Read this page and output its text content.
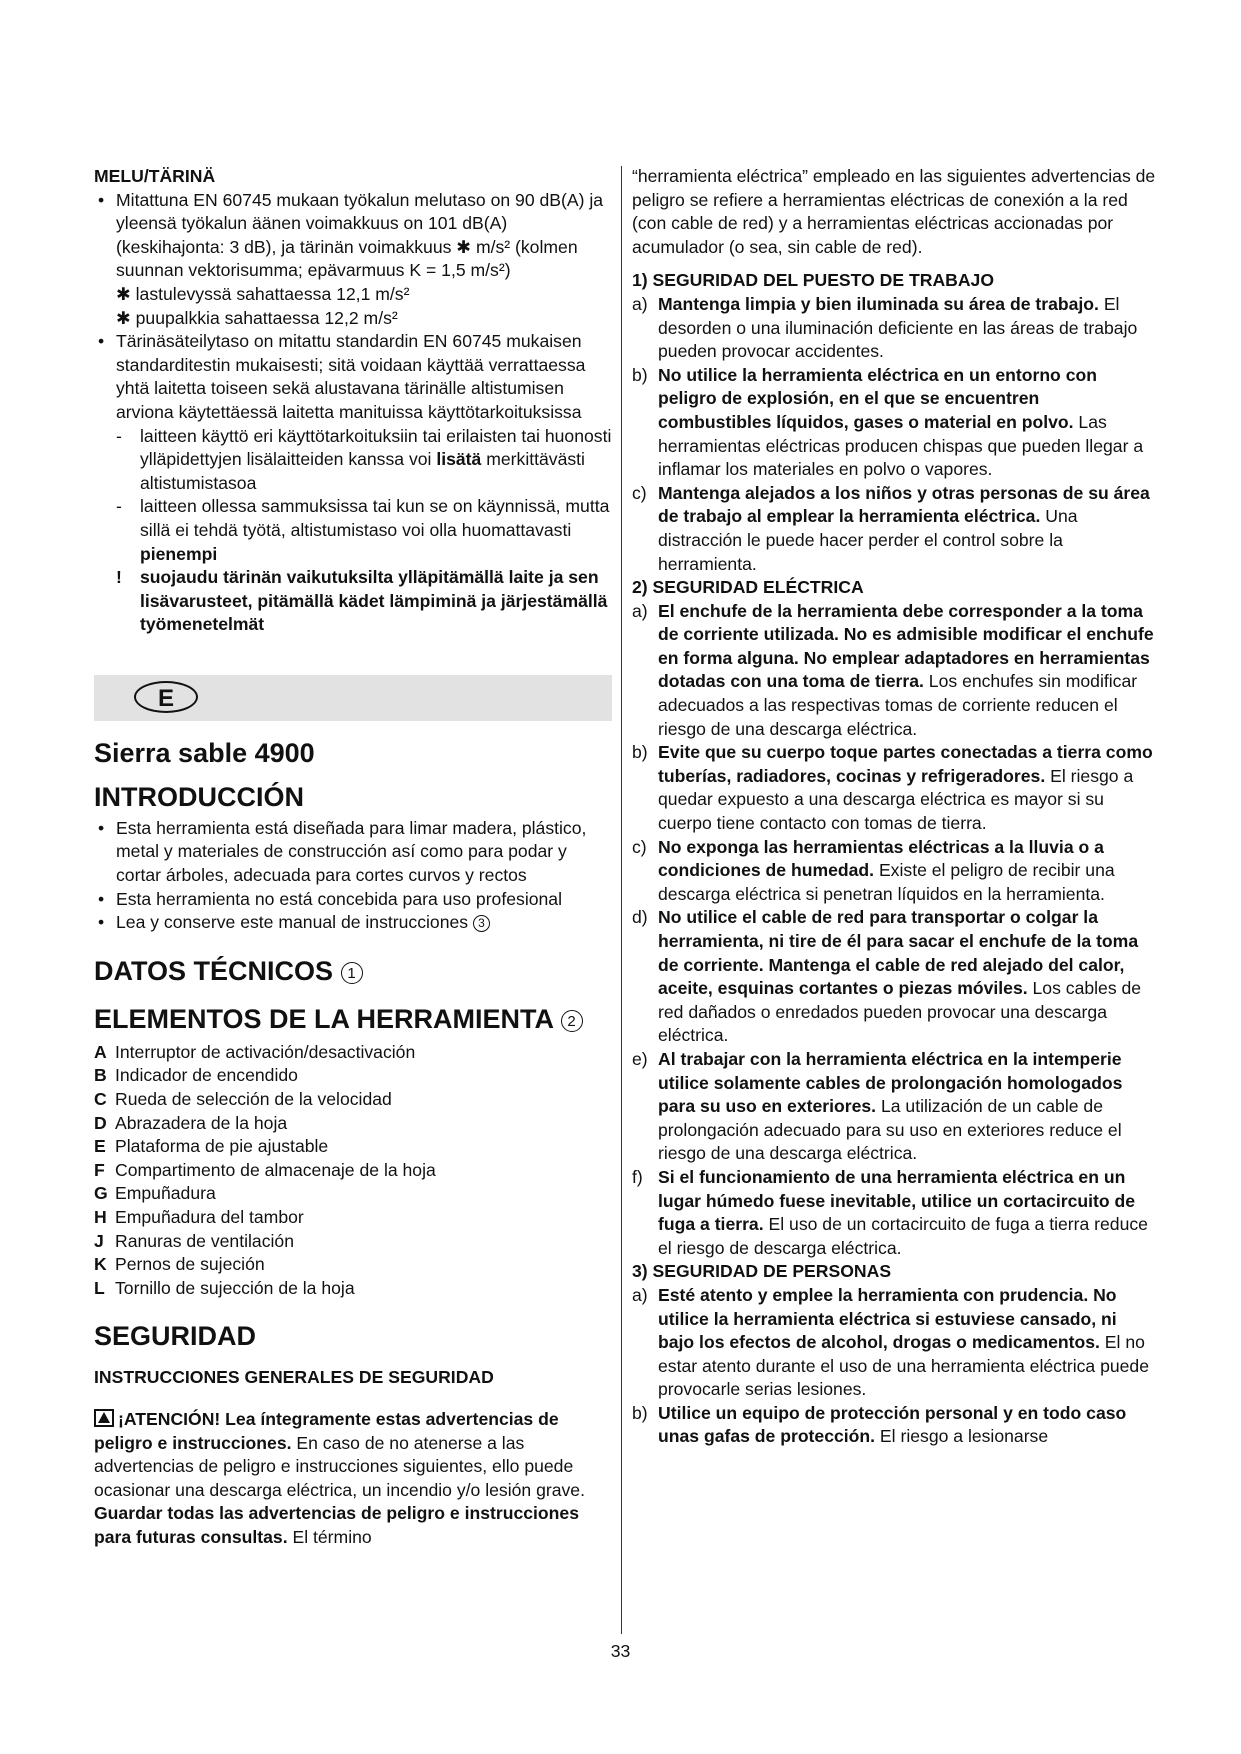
MELU/TÄRINÄ

• Mitattuna EN 60745 mukaan työkalun melutaso on 90 dB(A) ja yleensä työkalun äänen voimakkuus on 101 dB(A) (keskihajonta: 3 dB), ja tärinän voimakkuus ✱ m/s² (kolmen suunnan vektorisumma; epävarmuus K = 1,5 m/s²)

✱ lastulevyssä sahattaessa 12,1 m/s²

✱ puupalkkia sahattaessa 12,2 m/s²

• Tärinäsäteilytaso on mitattu standardin EN 60745 mukaisen standarditestin mukaisesti; sitä voidaan käyttää verrattaessa yhtä laitetta toiseen sekä alustavana tärinälle altistumisen arviona käytettäessä laitetta manituissa käyttötarkoituksissa

- laitteen käyttö eri käyttötarkoituksiin tai erilaisten tai huonosti ylläpidettyjen lisälaitteiden kanssa voi lisätä merkittävästi altistumistasoa

- laitteen ollessa sammuksissa tai kun se on käynnissä, mutta sillä ei tehdä työtä, altistumistaso voi olla huomattavasti pienempi

! suojaudu tärinän vaikutuksilta ylläpitämällä laite ja sen lisävarusteet, pitämällä kädet lämpiminä ja järjestämällä työmenetelmät

E

Sierra sable 4900

INTRODUCCIÓN

• Esta herramienta está diseñada para limar madera, plástico, metal y materiales de construcción así como para podar y cortar árboles, adecuada para cortes curvos y rectos

• Esta herramienta no está concebida para uso profesional

• Lea y conserve este manual de instrucciones 3

DATOS TÉCNICOS 1

ELEMENTOS DE LA HERRAMIENTA 2

A Interruptor de activación/desactivación

B Indicador de encendido

C Rueda de selección de la velocidad

D Abrazadera de la hoja

E Plataforma de pie ajustable

F Compartimento de almacenaje de la hoja

G Empuñadura

H Empuñadura del tambor

J Ranuras de ventilación

K Pernos de sujeción

L Tornillo de sujección de la hoja

SEGURIDAD

INSTRUCCIONES GENERALES DE SEGURIDAD

¡ATENCIÓN! Lea íntegramente estas advertencias de peligro e instrucciones. En caso de no atenerse a las advertencias de peligro e instrucciones siguientes, ello puede ocasionar una descarga eléctrica, un incendio y/o lesión grave. Guardar todas las advertencias de peligro e instrucciones para futuras consultas. El término

“herramienta eléctrica” empleado en las siguientes advertencias de peligro se refiere a herramientas eléctricas de conexión a la red (con cable de red) y a herramientas eléctricas accionadas por acumulador (o sea, sin cable de red).

1) SEGURIDAD DEL PUESTO DE TRABAJO

a) Mantenga limpia y bien iluminada su área de trabajo. El desorden o una iluminación deficiente en las áreas de trabajo pueden provocar accidentes.

b) No utilice la herramienta eléctrica en un entorno con peligro de explosión, en el que se encuentren combustibles líquidos, gases o material en polvo. Las herramientas eléctricas producen chispas que pueden llegar a inflamar los materiales en polvo o vapores.

c) Mantenga alejados a los niños y otras personas de su área de trabajo al emplear la herramienta eléctrica. Una distracción le puede hacer perder el control sobre la herramienta.

2) SEGURIDAD ELÉCTRICA

a) El enchufe de la herramienta debe corresponder a la toma de corriente utilizada. No es admisible modificar el enchufe en forma alguna. No emplear adaptadores en herramientas dotadas con una toma de tierra. Los enchufes sin modificar adecuados a las respectivas tomas de corriente reducen el riesgo de una descarga eléctrica.

b) Evite que su cuerpo toque partes conectadas a tierra como tuberías, radiadores, cocinas y refrigeradores. El riesgo a quedar expuesto a una descarga eléctrica es mayor si su cuerpo tiene contacto con tomas de tierra.

c) No exponga las herramientas eléctricas a la lluvia o a condiciones de humedad. Existe el peligro de recibir una descarga eléctrica si penetran líquidos en la herramienta.

d) No utilice el cable de red para transportar o colgar la herramienta, ni tire de él para sacar el enchufe de la toma de corriente. Mantenga el cable de red alejado del calor, aceite, esquinas cortantes o piezas móviles. Los cables de red dañados o enredados pueden provocar una descarga eléctrica.

e) Al trabajar con la herramienta eléctrica en la intemperie utilice solamente cables de prolongación homologados para su uso en exteriores. La utilización de un cable de prolongación adecuado para su uso en exteriores reduce el riesgo de una descarga eléctrica.

f) Si el funcionamiento de una herramienta eléctrica en un lugar húmedo fuese inevitable, utilice un cortacircuito de fuga a tierra. El uso de un cortacircuito de fuga a tierra reduce el riesgo de descarga eléctrica.

3) SEGURIDAD DE PERSONAS

a) Esté atento y emplee la herramienta con prudencia. No utilice la herramienta eléctrica si estuviese cansado, ni bajo los efectos de alcohol, drogas o medicamentos. El no estar atento durante el uso de una herramienta eléctrica puede provocarle serias lesiones.

b) Utilice un equipo de protección personal y en todo caso unas gafas de protección. El riesgo a lesionarse

33
